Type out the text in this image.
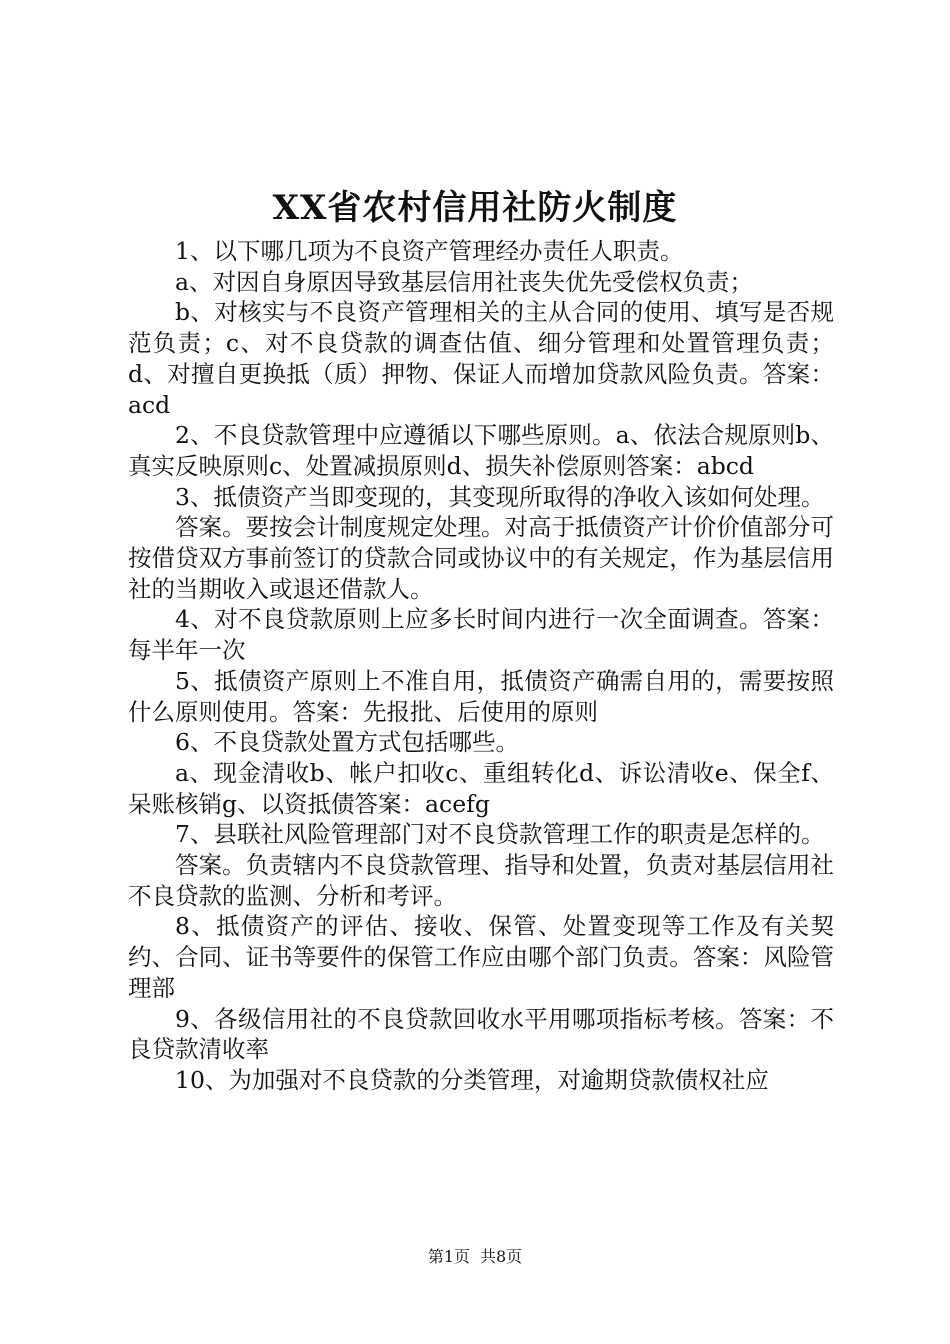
XX省农村信用社防火制度

1、以下哪几项为不良资产管理经办责任人职责。

a、对因自身原因导致基层信用社丧失优先受偿权负责；

b、对核实与不良资产管理相关的主从合同的使用、填写是否规范负责；c、对不良贷款的调查估值、细分管理和处置管理负责；d、对擅自更换抵（质）押物、保证人而增加贷款风险负责。答案：acd

2、不良贷款管理中应遵循以下哪些原则。a、依法合规原则b、真实反映原则c、处置减损原则d、损失补偿原则答案：abcd

3、抵债资产当即变现的，其变现所取得的净收入该如何处理。

答案。要按会计制度规定处理。对高于抵债资产计价价值部分可按借贷双方事前签订的贷款合同或协议中的有关规定，作为基层信用社的当期收入或退还借款人。

4、对不良贷款原则上应多长时间内进行一次全面调查。答案：每半年一次

5、抵债资产原则上不准自用，抵债资产确需自用的，需要按照什么原则使用。答案：先报批、后使用的原则

6、不良贷款处置方式包括哪些。

a、现金清收b、帐户扣收c、重组转化d、诉讼清收e、保全f、呆账核销g、以资抵债答案：acefg

7、县联社风险管理部门对不良贷款管理工作的职责是怎样的。

答案。负责辖内不良贷款管理、指导和处置，负责对基层信用社不良贷款的监测、分析和考评。

8、抵债资产的评估、接收、保管、处置变现等工作及有关契约、合同、证书等要件的保管工作应由哪个部门负责。答案：风险管理部

9、各级信用社的不良贷款回收水平用哪项指标考核。答案：不良贷款清收率

10、为加强对不良贷款的分类管理，对逾期贷款债权社应

第1页 共8页
